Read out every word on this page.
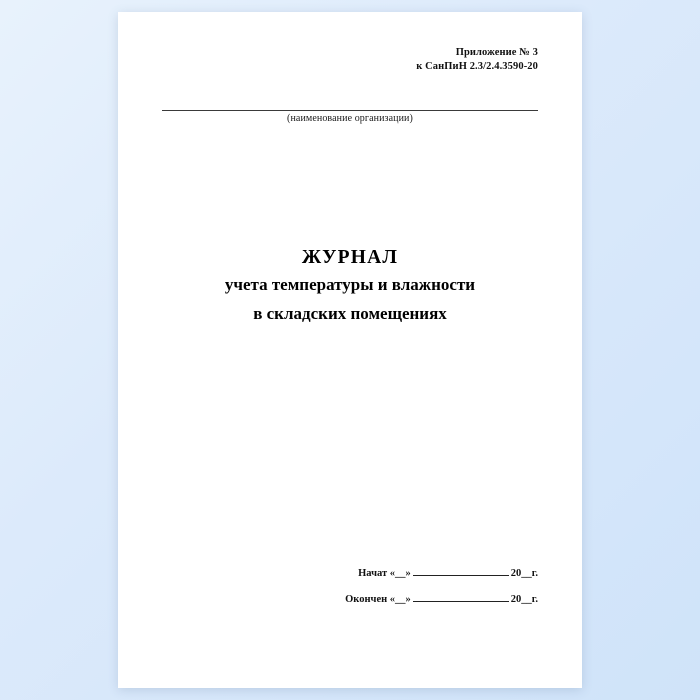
Приложение № 3
к СанПиН 2.3/2.4.3590-20
(наименование организации)
ЖУРНАЛ
учета температуры и влажности
в складских помещениях
Начат «__»	20__г.
Окончен «__»	20__г.
